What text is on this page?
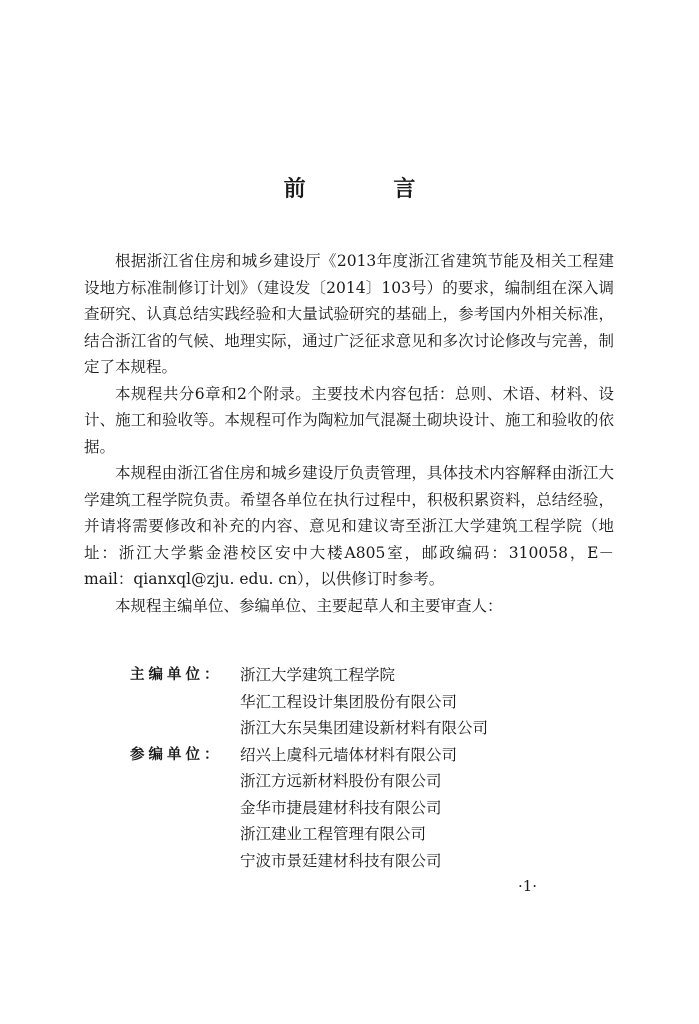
前 言

根据浙江省住房和城乡建设厅《2013年度浙江省建筑节能及相关工程建设地方标准制修订计划》（建设发〔2014〕103号）的要求，编制组在深入调查研究、认真总结实践经验和大量试验研究的基础上，参考国内外相关标准，结合浙江省的气候、地理实际，通过广泛征求意见和多次讨论修改与完善，制定了本规程。

本规程共分6章和2个附录。主要技术内容包括：总则、术语、材料、设计、施工和验收等。本规程可作为陶粒加气混凝土砌块设计、施工和验收的依据。

本规程由浙江省住房和城乡建设厅负责管理，具体技术内容解释由浙江大学建筑工程学院负责。希望各单位在执行过程中，积极积累资料，总结经验，并请将需要修改和补充的内容、意见和建议寄至浙江大学建筑工程学院（地址：浙江大学紫金港校区安中大楼A805室，邮政编码：310058，E－mail：qianxql@zju. edu. cn），以供修订时参考。

本规程主编单位、参编单位、主要起草人和主要审查人：

主编单位：	浙江大学建筑工程学院
华汇工程设计集团股份有限公司
浙江大东吴集团建设新材料有限公司
参编单位：	绍兴上虞科元墙体材料有限公司
浙江方远新材料股份有限公司
金华市捷晨建材科技有限公司
浙江建业工程管理有限公司
宁波市景廷建材科技有限公司
·1·
